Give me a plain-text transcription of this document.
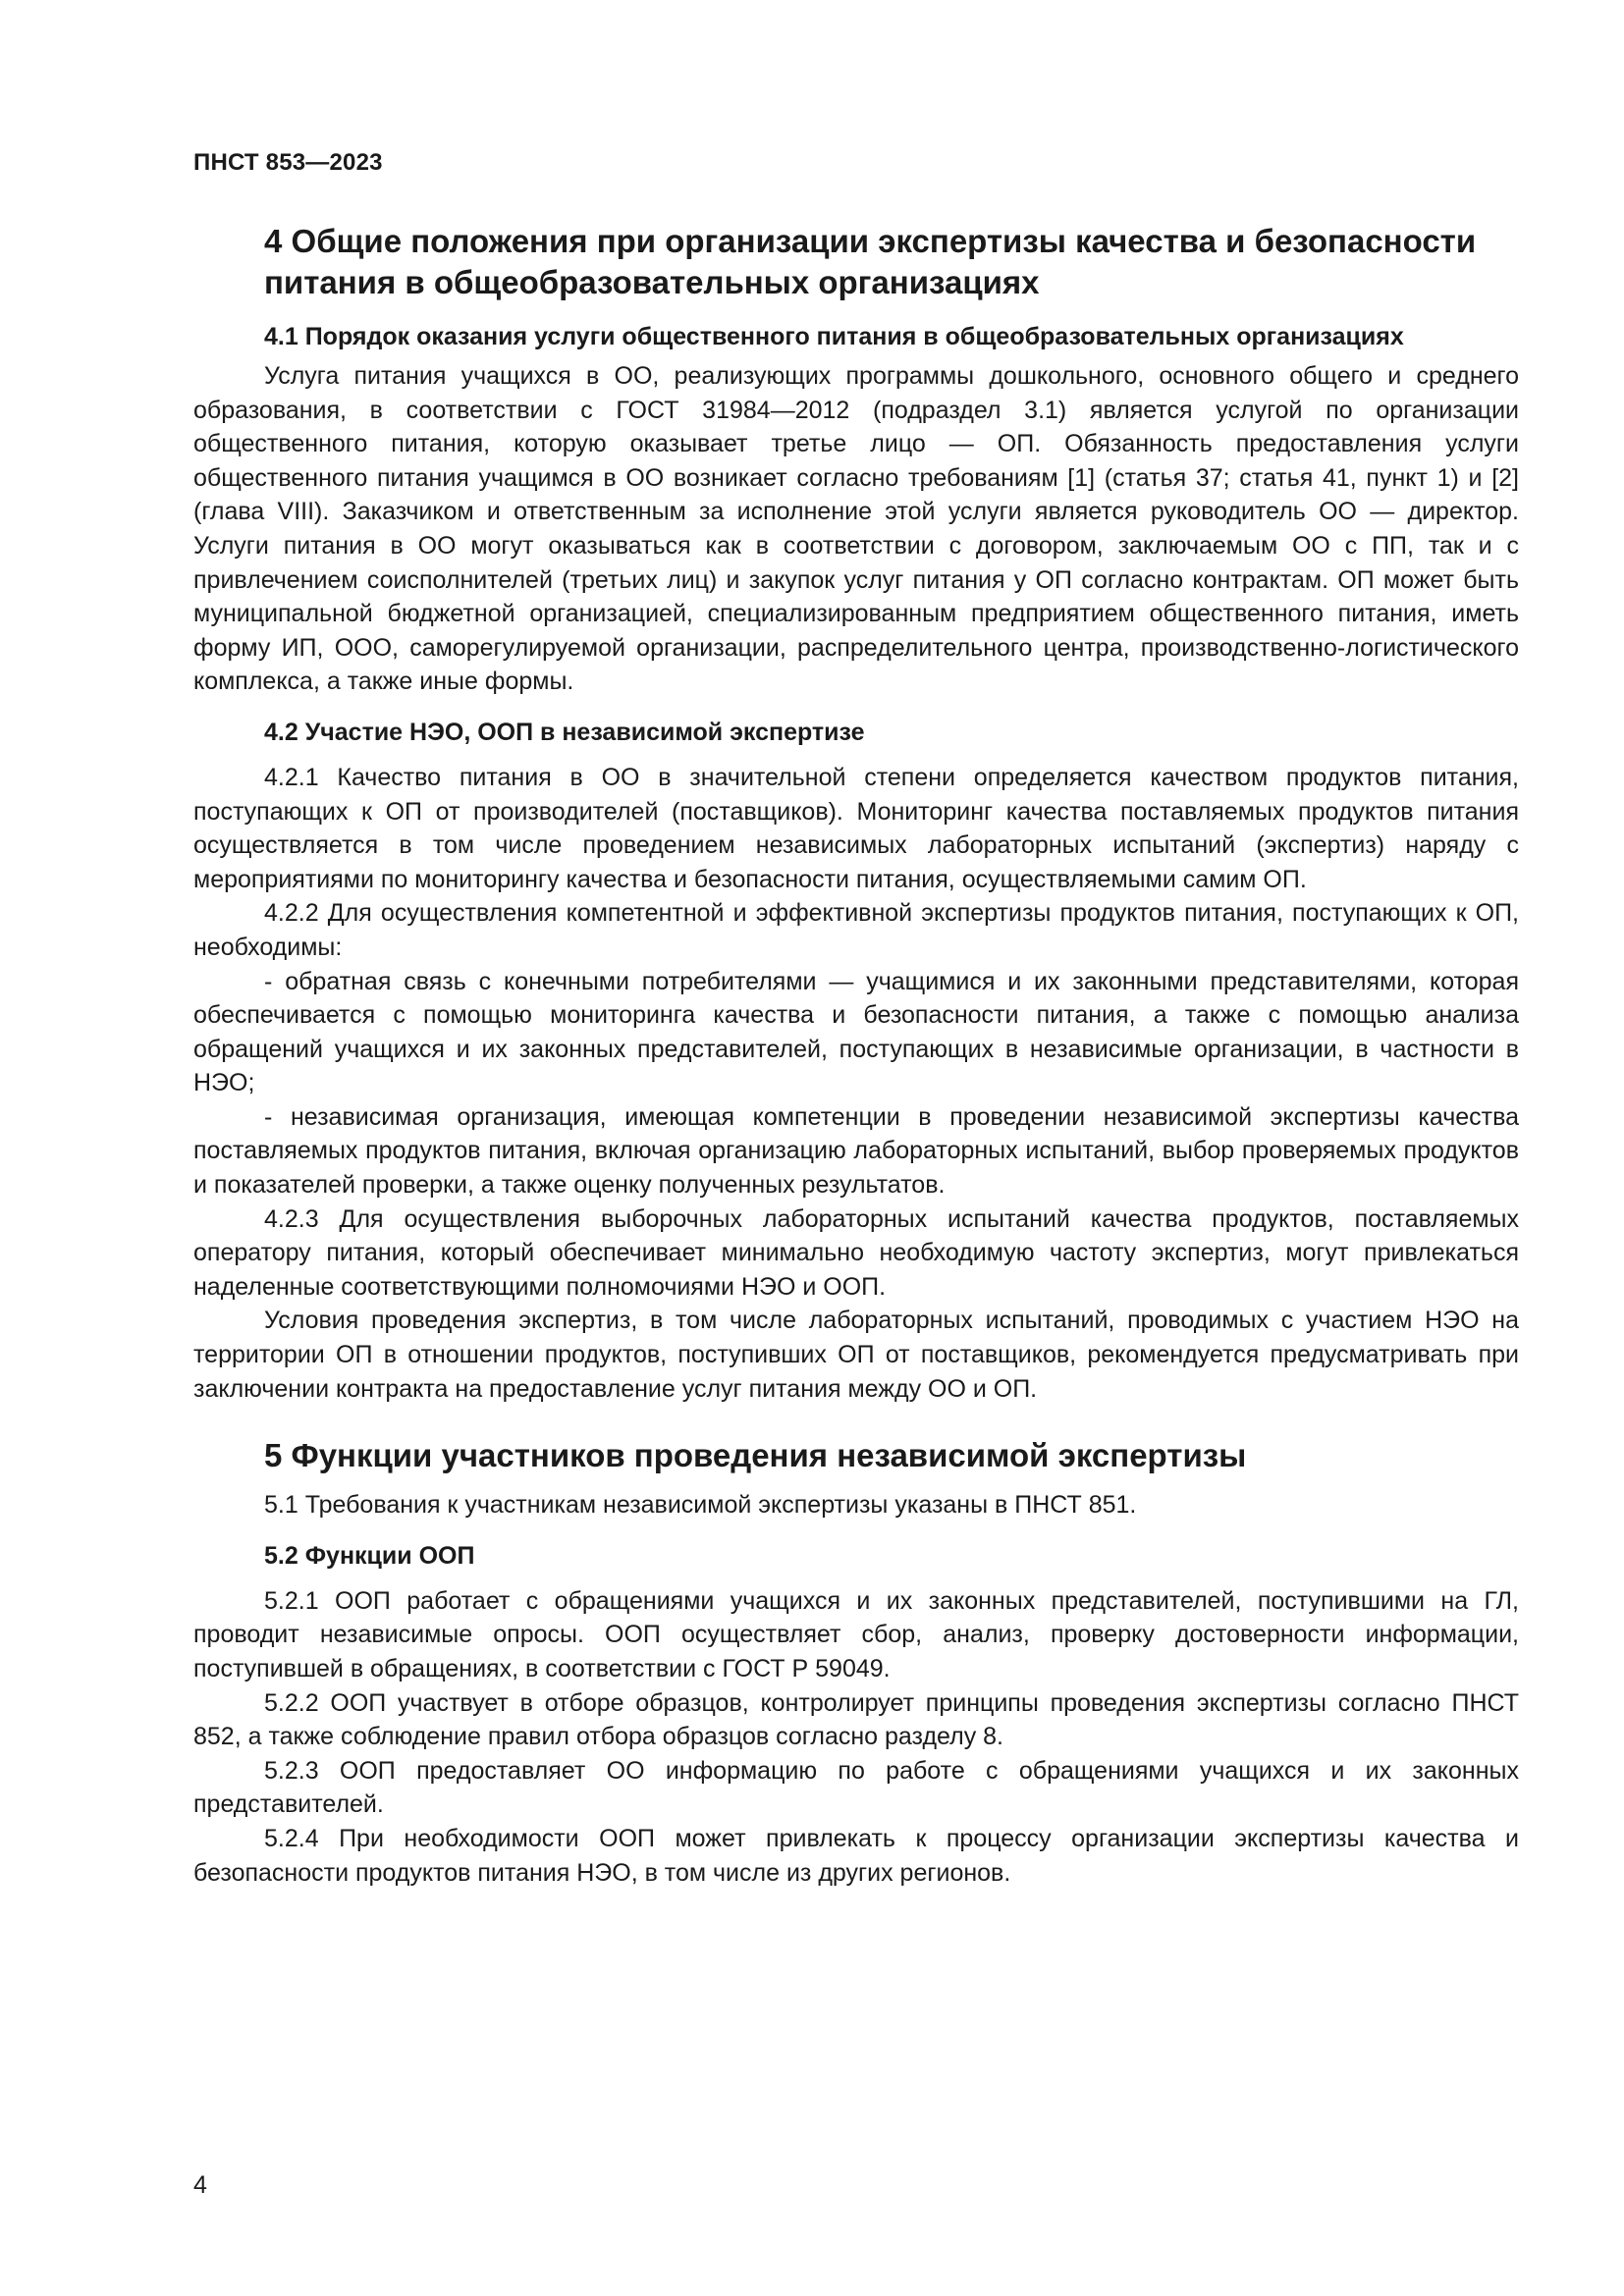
ПНСТ 853—2023
4 Общие положения при организации экспертизы качества и безопасности питания в общеобразовательных организациях
4.1 Порядок оказания услуги общественного питания в общеобразовательных организациях

Услуга питания учащихся в ОО, реализующих программы дошкольного, основного общего и среднего образования, в соответствии с ГОСТ 31984—2012 (подраздел 3.1) является услугой по организации общественного питания, которую оказывает третье лицо — ОП. Обязанность предоставления услуги общественного питания учащимся в ОО возникает согласно требованиям [1] (статья 37; статья 41, пункт 1) и [2] (глава VIII). Заказчиком и ответственным за исполнение этой услуги является руководитель ОО — директор. Услуги питания в ОО могут оказываться как в соответствии с договором, заключаемым ОО с ПП, так и с привлечением соисполнителей (третьих лиц) и закупок услуг питания у ОП согласно контрактам. ОП может быть муниципальной бюджетной организацией, специализированным предприятием общественного питания, иметь форму ИП, ООО, саморегулируемой организации, распределительного центра, производственно-логистического комплекса, а также иные формы.

4.2 Участие НЭО, ООП в независимой экспертизе

4.2.1 Качество питания в ОО в значительной степени определяется качеством продуктов питания, поступающих к ОП от производителей (поставщиков). Мониторинг качества поставляемых продуктов питания осуществляется в том числе проведением независимых лабораторных испытаний (экспертиз) наряду с мероприятиями по мониторингу качества и безопасности питания, осуществляемыми самим ОП.

4.2.2 Для осуществления компетентной и эффективной экспертизы продуктов питания, поступающих к ОП, необходимы:

- обратная связь с конечными потребителями — учащимися и их законными представителями, которая обеспечивается с помощью мониторинга качества и безопасности питания, а также с помощью анализа обращений учащихся и их законных представителей, поступающих в независимые организации, в частности в НЭО;

- независимая организация, имеющая компетенции в проведении независимой экспертизы качества поставляемых продуктов питания, включая организацию лабораторных испытаний, выбор проверяемых продуктов и показателей проверки, а также оценку полученных результатов.

4.2.3 Для осуществления выборочных лабораторных испытаний качества продуктов, поставляемых оператору питания, который обеспечивает минимально необходимую частоту экспертиз, могут привлекаться наделенные соответствующими полномочиями НЭО и ООП.

Условия проведения экспертиз, в том числе лабораторных испытаний, проводимых с участием НЭО на территории ОП в отношении продуктов, поступивших ОП от поставщиков, рекомендуется предусматривать при заключении контракта на предоставление услуг питания между ОО и ОП.

5 Функции участников проведения независимой экспертизы

5.1 Требования к участникам независимой экспертизы указаны в ПНСТ 851.

5.2 Функции ООП

5.2.1 ООП работает с обращениями учащихся и их законных представителей, поступившими на ГЛ, проводит независимые опросы. ООП осуществляет сбор, анализ, проверку достоверности информации, поступившей в обращениях, в соответствии с ГОСТ Р 59049.

5.2.2 ООП участвует в отборе образцов, контролирует принципы проведения экспертизы согласно ПНСТ 852, а также соблюдение правил отбора образцов согласно разделу 8.

5.2.3 ООП предоставляет ОО информацию по работе с обращениями учащихся и их законных представителей.

5.2.4 При необходимости ООП может привлекать к процессу организации экспертизы качества и безопасности продуктов питания НЭО, в том числе из других регионов.

4
